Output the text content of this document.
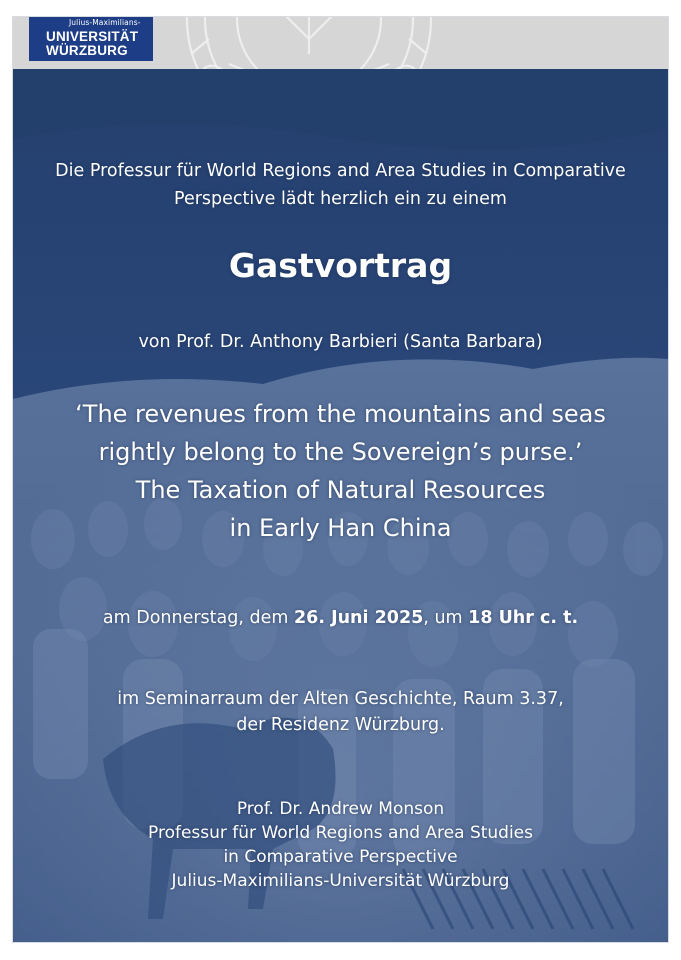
Julius-Maximilians-
UNIVERSITÄT
WÜRZBURG
Die Professur für World Regions and Area Studies in Comparative
Perspective lädt herzlich ein zu einem
Gastvortrag
von Prof. Dr. Anthony Barbieri (Santa Barbara)
‘The revenues from the mountains and seas
rightly belong to the Sovereign’s purse.’
The Taxation of Natural Resources
in Early Han China
am Donnerstag, dem 26. Juni 2025, um 18 Uhr c. t.
im Seminarraum der Alten Geschichte, Raum 3.37,
der Residenz Würzburg.
Prof. Dr. Andrew Monson
Professur für World Regions and Area Studies
in Comparative Perspective
Julius-Maximilians-Universität Würzburg
